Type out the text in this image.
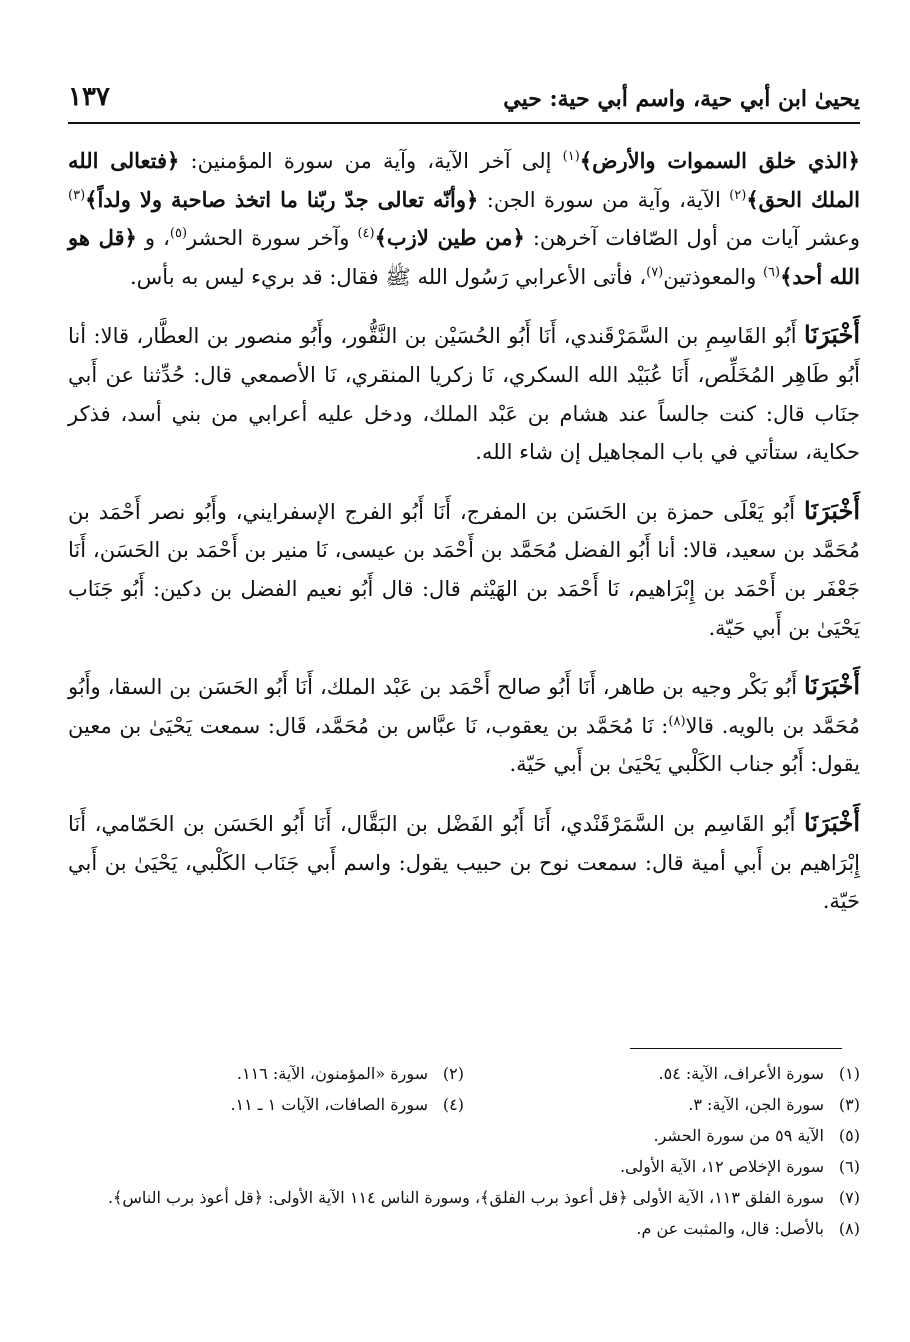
يحيىٰ ابن أبي حية، واسم أبي حية: حيي
١٣٧

﴿الذي خلق السموات والأرض﴾$^{(١)}$ إلى آخر الآية، وآية من سورة المؤمنين: ﴿فتعالى الله الملك الحق﴾$^{(٢)}$ الآية، وآية من سورة الجن: ﴿وأنّه تعالى جدّ ربّنا ما اتخذ صاحبة ولا ولداً﴾$^{(٣)}$ وعشر آيات من أول الصّافات آخرهن: ﴿من طين لازب﴾$^{(٤)}$ وآخر سورة الحشر$^{(٥)}$، و ﴿قل هو الله أحد﴾$^{(٦)}$ والمعوذتين$^{(٧)}$، فأتى الأعرابي رَسُول الله ﷺ فقال: قد بريء ليس به بأس.

أَخْبَرَنَا أَبُو القَاسِمِ بن السَّمَرْقَندي، أَنَا أَبُو الحُسَيْن بن النَّقُّور، وأَبُو منصور بن العطَّار، قالا: أنا أَبُو طَاهِر المُخَلِّص، أَنَا عُبَيْد الله السكري، نَا زكريا المنقري، نَا الأصمعي قال: حُدِّثنا عن أَبي جنَاب قال: كنت جالساً عند هشام بن عَبْد الملك، ودخل عليه أعرابي من بني أسد، فذكر حكاية، ستأتي في باب المجاهيل إن شاء الله.

أَخْبَرَنَا أَبُو يَعْلَى حمزة بن الحَسَن بن المفرج، أَنَا أَبُو الفرج الإسفرايني، وأَبُو نصر أَحْمَد بن مُحَمَّد بن سعيد، قالا: أنا أَبُو الفضل مُحَمَّد بن أَحْمَد بن عيسى، نَا منير بن أَحْمَد بن الحَسَن، أَنَا جَعْفَر بن أَحْمَد بن إِبْرَاهيم، نَا أَحْمَد بن الهَيْثم قال: قال أَبُو نعيم الفضل بن دكين: أَبُو جَنَاب يَحْيَىٰ بن أَبي حَيّة.

أَخْبَرَنَا أَبُو بَكْر وجيه بن طاهر، أَنَا أَبُو صالح أَحْمَد بن عَبْد الملك، أَنَا أَبُو الحَسَن بن السقا، وأَبُو مُحَمَّد بن بالويه. قالا$^{(٨)}$: نَا مُحَمَّد بن يعقوب، نَا عبَّاس بن مُحَمَّد، قَال: سمعت يَحْيَىٰ بن معين يقول: أَبُو جناب الكَلْبي يَحْيَىٰ بن أَبي حَيّة.

أَخْبَرَنَا أَبُو القَاسِم بن السَّمَرْقَنْدي، أَنَا أَبُو الفَضْل بن البَقَّال، أَنَا أَبُو الحَسَن بن الحَمّامي، أَنَا إِبْرَاهيم بن أَبي أمية قال: سمعت نوح بن حبيب يقول: واسم أَبي جَنَاب الكَلْبي، يَحْيَىٰ بن أَبي حَيّة.

(١)
سورة الأعراف، الآية: ٥٤.
(٢)
سورة «المؤمنون، الآية: ١١٦.
(٣)
سورة الجن، الآية: ٣.
(٤)
سورة الصافات، الآيات ١ ـ ١١.
(٥)
الآية ٥٩ من سورة الحشر.
(٦)
سورة الإخلاص ١٢، الآية الأولى.
(٧)
سورة الفلق ١١٣، الآية الأولى ﴿قل أعوذ برب الفلق﴾، وسورة الناس ١١٤ الآية الأولى: ﴿قل أعوذ برب الناس﴾.
(٨)
بالأصل: قال، والمثبت عن م.
